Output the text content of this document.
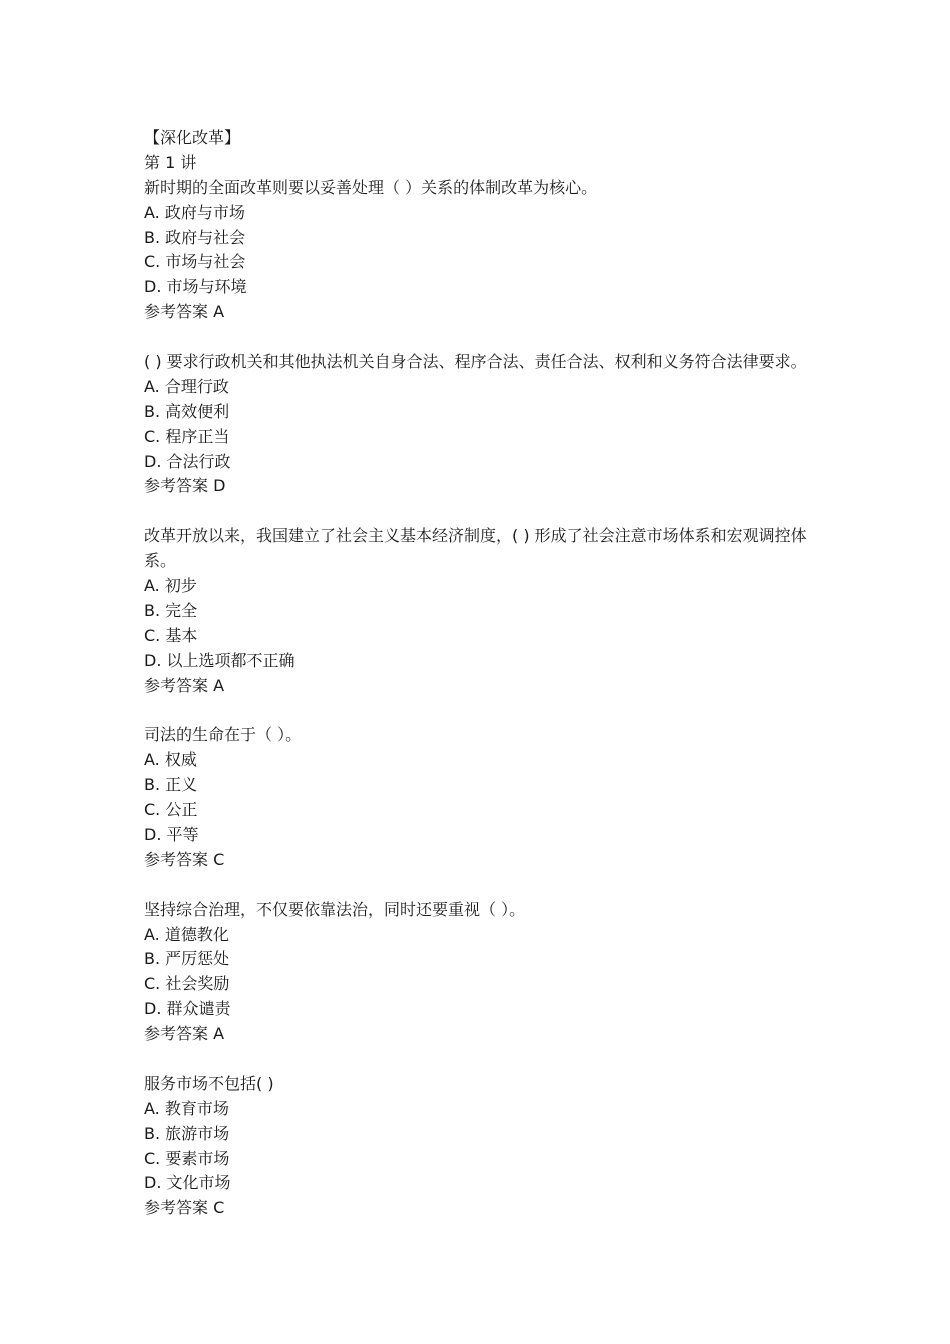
【深化改革】
第 1 讲
新时期的全面改革则要以妥善处理（ ）关系的体制改革为核心。
A. 政府与市场
B. 政府与社会
C. 市场与社会
D. 市场与环境
参考答案 A
( ) 要求行政机关和其他执法机关自身合法、程序合法、责任合法、权利和义务符合法律要求。
A. 合理行政
B. 高效便利
C. 程序正当
D. 合法行政
参考答案 D
改革开放以来，我国建立了社会主义基本经济制度，( ) 形成了社会注意市场体系和宏观调控体系。
A. 初步
B. 完全
C. 基本
D. 以上选项都不正确
参考答案 A
司法的生命在于（ ）。
A. 权威
B. 正义
C. 公正
D. 平等
参考答案 C
坚持综合治理，不仅要依靠法治，同时还要重视（ ）。
A. 道德教化
B. 严厉惩处
C. 社会奖励
D. 群众谴责
参考答案 A
服务市场不包括( )
A. 教育市场
B. 旅游市场
C. 要素市场
D. 文化市场
参考答案 C
